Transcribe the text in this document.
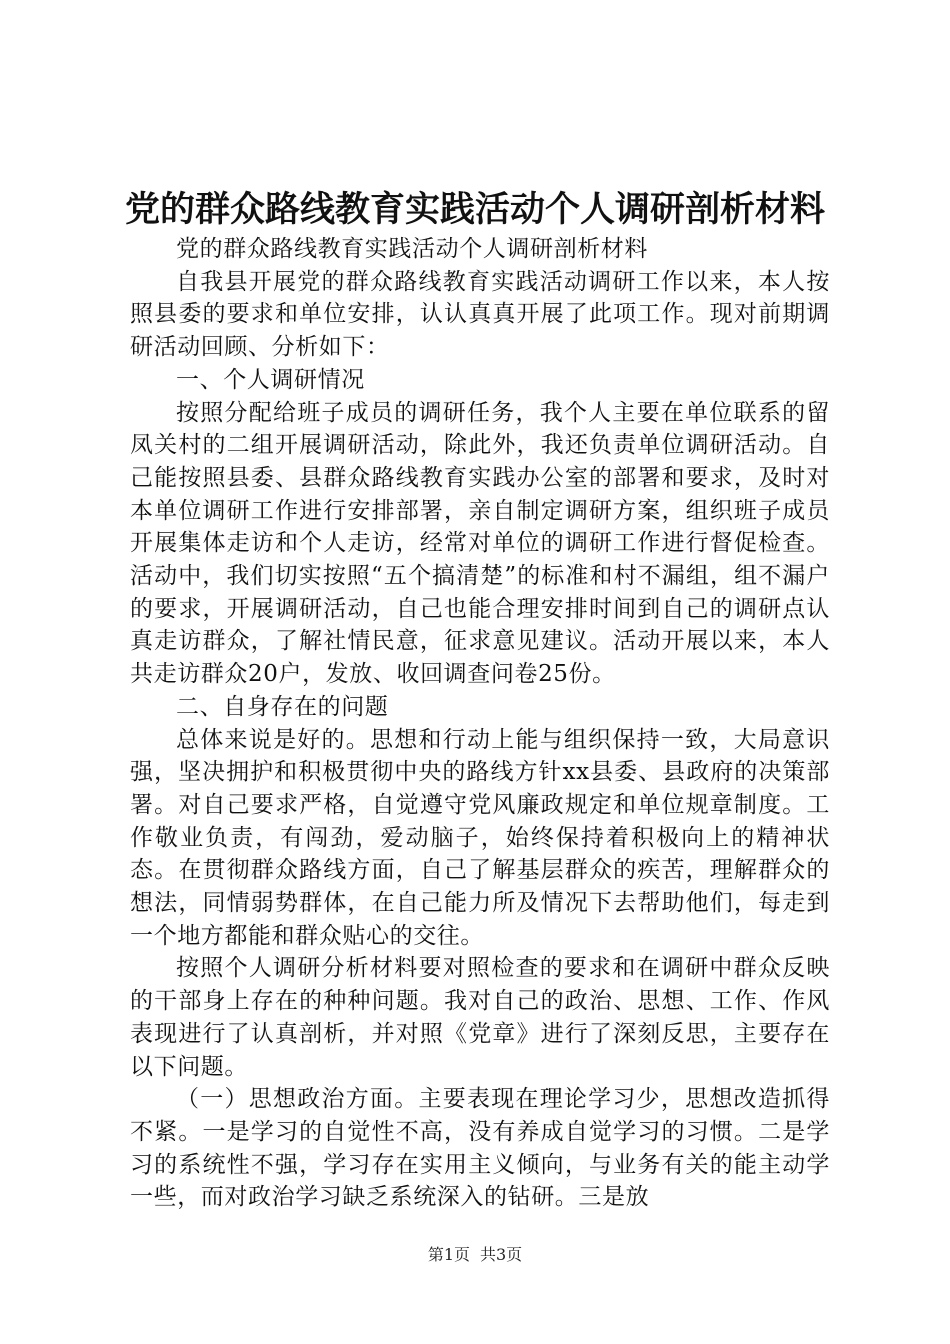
党的群众路线教育实践活动个人调研剖析材料

党的群众路线教育实践活动个人调研剖析材料

自我县开展党的群众路线教育实践活动调研工作以来，本人按照县委的要求和单位安排，认认真真开展了此项工作。现对前期调研活动回顾、分析如下：

一、个人调研情况

按照分配给班子成员的调研任务，我个人主要在单位联系的留凤关村的二组开展调研活动，除此外，我还负责单位调研活动。自己能按照县委、县群众路线教育实践办公室的部署和要求，及时对本单位调研工作进行安排部署，亲自制定调研方案，组织班子成员开展集体走访和个人走访，经常对单位的调研工作进行督促检查。活动中，我们切实按照“五个搞清楚”的标准和村不漏组，组不漏户的要求，开展调研活动，自己也能合理安排时间到自己的调研点认真走访群众，了解社情民意，征求意见建议。活动开展以来，本人共走访群众20户，发放、收回调查问卷25份。

二、自身存在的问题

总体来说是好的。思想和行动上能与组织保持一致，大局意识强，坚决拥护和积极贯彻中央的路线方针xx县委、县政府的决策部署。对自己要求严格，自觉遵守党风廉政规定和单位规章制度。工作敬业负责，有闯劲，爱动脑子，始终保持着积极向上的精神状态。在贯彻群众路线方面，自己了解基层群众的疾苦，理解群众的想法，同情弱势群体，在自己能力所及情况下去帮助他们，每走到一个地方都能和群众贴心的交往。

按照个人调研分析材料要对照检查的要求和在调研中群众反映的干部身上存在的种种问题。我对自己的政治、思想、工作、作风表现进行了认真剖析，并对照《党章》进行了深刻反思，主要存在以下问题。

（一）思想政治方面。主要表现在理论学习少，思想改造抓得不紧。一是学习的自觉性不高，没有养成自觉学习的习惯。二是学习的系统性不强，学习存在实用主义倾向，与业务有关的能主动学一些，而对政治学习缺乏系统深入的钻研。三是放

第1页 共3页
